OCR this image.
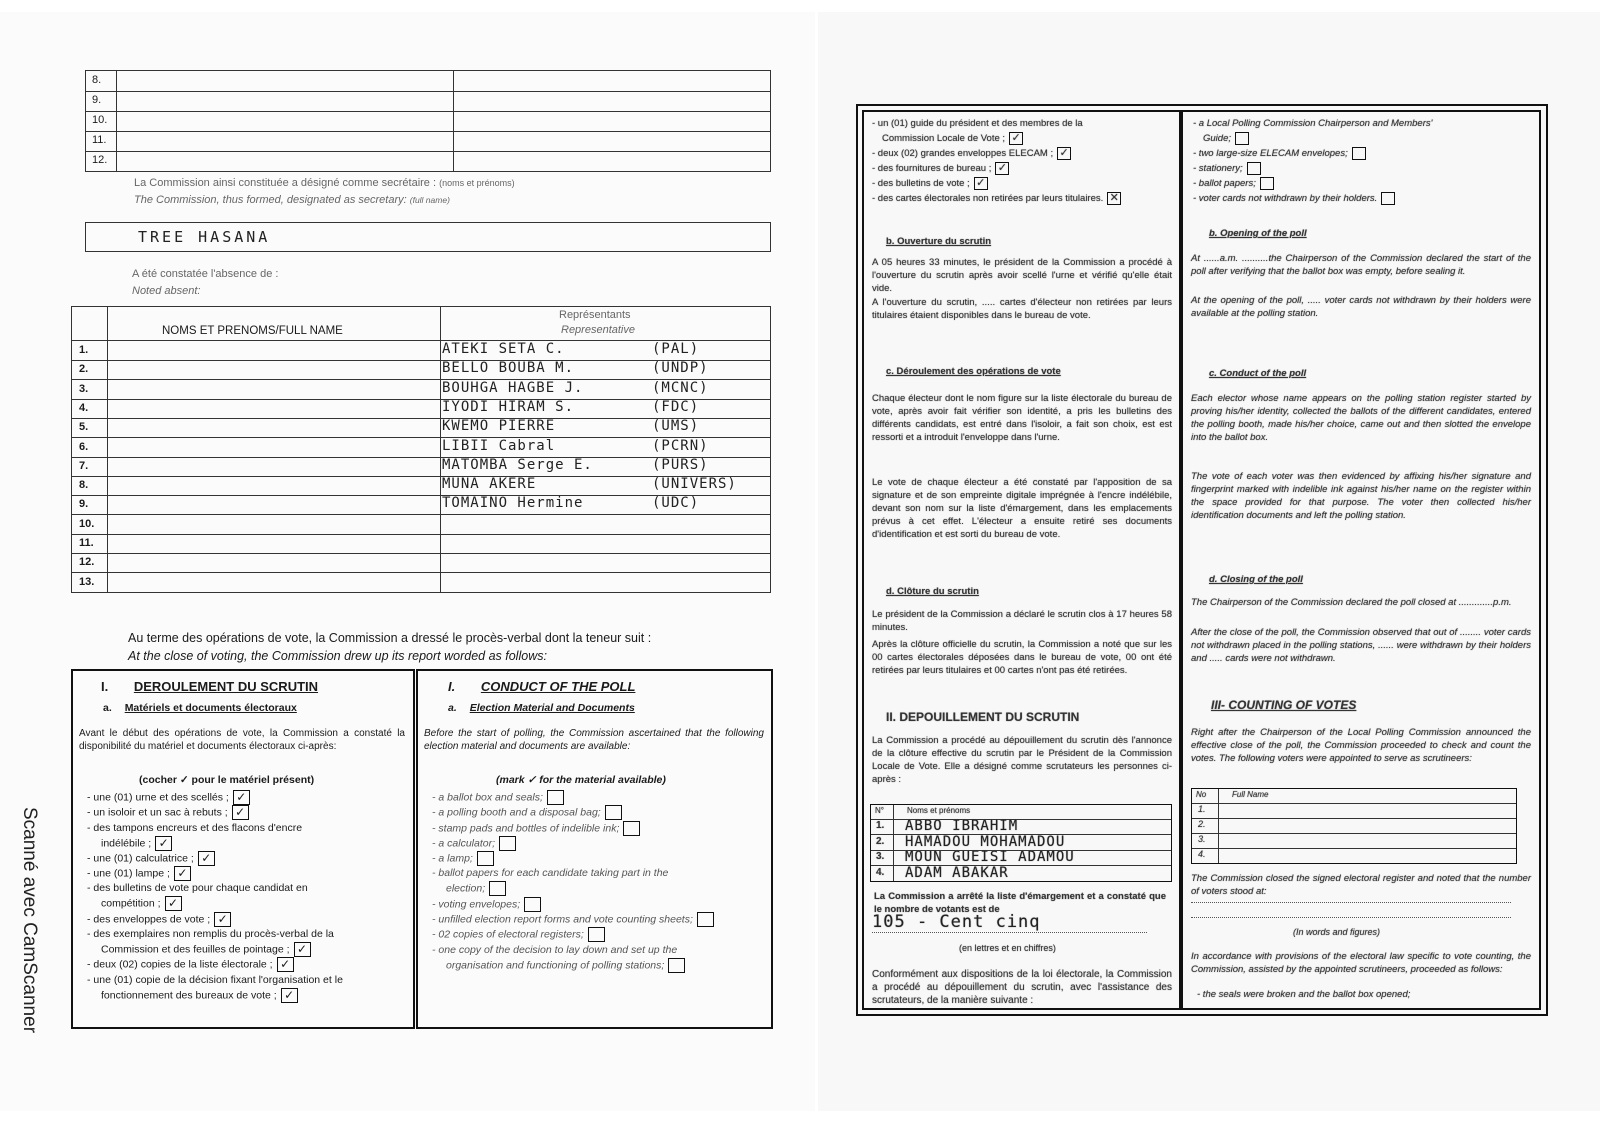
8.
9.
10.
11.
12.
La Commission ainsi constituée a désigné comme secrétaire : (noms et prénoms)
The Commission, thus formed, designated as secretary: (full name)
TREE HASANA
A été constatée l'absence de :
Noted absent:
NOMS ET PRENOMS/FULL NAME
Représentants
Representative
1.	ATEKI SETA C.	(PAL)
2.	BELLO BOUBA M.	(UNDP)
3.	BOUHGA HAGBE J.	(MCNC)
4.	IYODI HIRAM S.	(FDC)
5.	KWEMO PIERRE	(UMS)
6.	LIBII Cabral	(PCRN)
7.	MATOMBA Serge E.	(PURS)
8.	MUNA AKERE	(UNIVERS)
9.	TOMAINO Hermine	(UDC)
10.
11.
12.
13.
Au terme des opérations de vote, la Commission a dressé le procès-verbal dont la teneur suit :
At the close of voting, the Commission drew up its report worded as follows:
I. DEROULEMENT DU SCRUTIN
a. Matériels et documents électoraux
Avant le début des opérations de vote, la Commission a constaté la disponibilité du matériel et documents électoraux ci-après:
(cocher ✓ pour le matériel présent)
- une (01) urne et des scellés ; ✓
- un isoloir et un sac à rebuts ; ✓
- des tampons encreurs et des flacons d'encre
indélébile ; ✓
- une (01) calculatrice ; ✓
- une (01) lampe ; ✓
- des bulletins de vote pour chaque candidat en
compétition ; ✓
- des enveloppes de vote ; ✓
- des exemplaires non remplis du procès-verbal de la
Commission et des feuilles de pointage ; ✓
- deux (02) copies de la liste électorale ; ✓
- une (01) copie de la décision fixant l'organisation et le
fonctionnement des bureaux de vote ; ✓
I. CONDUCT OF THE POLL
a. Election Material and Documents
Before the start of polling, the Commission ascertained that the following election material and documents are available:
(mark ✓ for the material available)
- a ballot box and seals;
- a polling booth and a disposal bag;
- stamp pads and bottles of indelible ink;
- a calculator;
- a lamp;
- ballot papers for each candidate taking part in the
election;
- voting envelopes;
- unfilled election report forms and vote counting sheets;
- 02 copies of electoral registers;
- one copy of the decision to lay down and set up the
organisation and functioning of polling stations;
Scanné avec CamScanner
- un (01) guide du président et des membres de la
Commission Locale de Vote ; ✓
- deux (02) grandes enveloppes ELECAM ; ✓
- des fournitures de bureau ; ✓
- des bulletins de vote ; ✓
- des cartes électorales non retirées par leurs titulaires. ✕
b. Ouverture du scrutin
A 05 heures 33 minutes, le président de la Commission a procédé à l'ouverture du scrutin après avoir scellé l'urne et vérifié qu'elle était vide.
A l'ouverture du scrutin, ..... cartes d'électeur non retirées par leurs titulaires étaient disponibles dans le bureau de vote.
c. Déroulement des opérations de vote
Chaque électeur dont le nom figure sur la liste électorale du bureau de vote, après avoir fait vérifier son identité, a pris les bulletins des différents candidats, est entré dans l'isoloir, a fait son choix, est est ressorti et a introduit l'enveloppe dans l'urne.
Le vote de chaque électeur a été constaté par l'apposition de sa signature et de son empreinte digitale imprégnée à l'encre indélébile, devant son nom sur la liste d'émargement, dans les emplacements prévus à cet effet. L'électeur a ensuite retiré ses documents d'identification et est sorti du bureau de vote.
d. Clôture du scrutin
Le président de la Commission a déclaré le scrutin clos à 17 heures 58 minutes.
Après la clôture officielle du scrutin, la Commission a noté que sur les 00 cartes électorales déposées dans le bureau de vote, 00 ont été retirées par leurs titulaires et 00 cartes n'ont pas été retirées.
II. DEPOUILLEMENT DU SCRUTIN
La Commission a procédé au dépouillement du scrutin dès l'annonce de la clôture effective du scrutin par le Président de la Commission Locale de Vote. Elle a désigné comme scrutateurs les personnes ci-après :
N°	Noms et prénoms
1. ABBO IBRAHIM
2. HAMADOU MOHAMADOU
3. MOUN GUEISI ADAMOU
4. ADAM ABAKAR
La Commission a arrêté la liste d'émargement et a constaté que le nombre de votants est de
105 - Cent cinq
(en lettres et en chiffres)
Conformément aux dispositions de la loi électorale, la Commission a procédé au dépouillement du scrutin, avec l'assistance des scrutateurs, de la manière suivante :
- a Local Polling Commission Chairperson and Members'
Guide;
- two large-size ELECAM envelopes;
- stationery;
- ballot papers;
- voter cards not withdrawn by their holders.
b. Opening of the poll
At ......a.m. ..........the Chairperson of the Commission declared the start of the poll after verifying that the ballot box was empty, before sealing it.
At the opening of the poll, ..... voter cards not withdrawn by their holders were available at the polling station.
c. Conduct of the poll
Each elector whose name appears on the polling station register started by proving his/her identity, collected the ballots of the different candidates, entered the polling booth, made his/her choice, came out and then slotted the envelope into the ballot box.
The vote of each voter was then evidenced by affixing his/her signature and fingerprint marked with indelible ink against his/her name on the register within the space provided for that purpose. The voter then collected his/her identification documents and left the polling station.
d. Closing of the poll
The Chairperson of the Commission declared the poll closed at .............p.m.
After the close of the poll, the Commission observed that out of ........ voter cards not withdrawn placed in the polling stations, ...... were withdrawn by their holders and ..... cards were not withdrawn.
III- COUNTING OF VOTES
Right after the Chairperson of the Local Polling Commission announced the effective close of the poll, the Commission proceeded to check and count the votes. The following voters were appointed to serve as scrutineers:
No	Full Name
1.
2.
3.
4.
The Commission closed the signed electoral register and noted that the number of voters stood at:
(In words and figures)
In accordance with provisions of the electoral law specific to vote counting, the Commission, assisted by the appointed scrutineers, proceeded as follows:
- the seals were broken and the ballot box opened;
